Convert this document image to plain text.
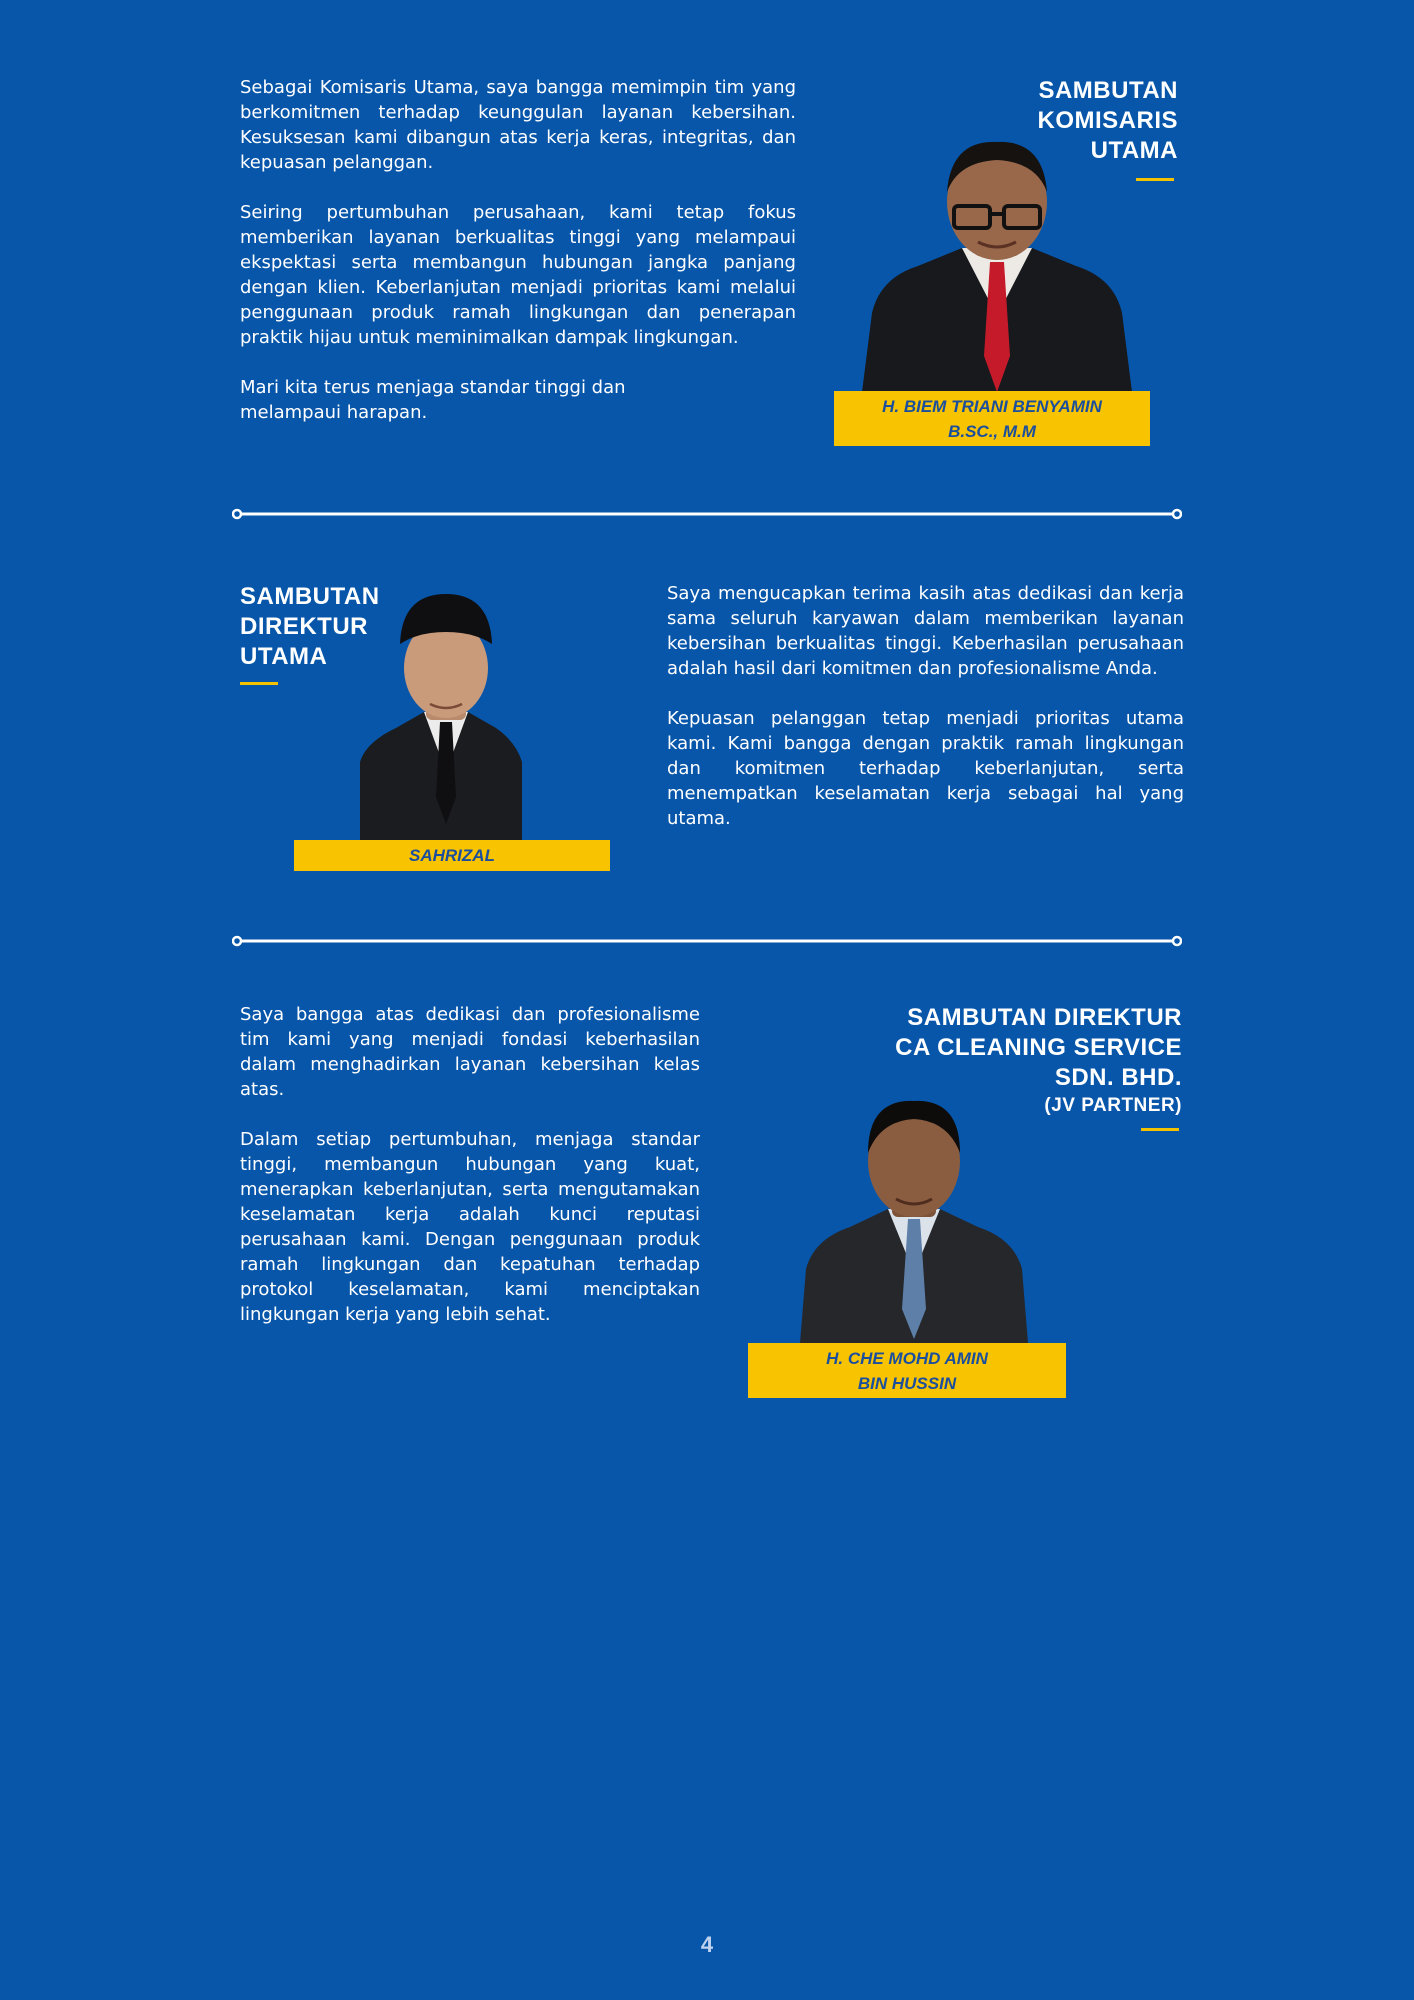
Sebagai Komisaris Utama, saya bangga memimpin tim yang berkomitmen terhadap keunggulan layanan kebersihan. Kesuksesan kami dibangun atas kerja keras, integritas, dan kepuasan pelanggan.

Seiring pertumbuhan perusahaan, kami tetap fokus memberikan layanan berkualitas tinggi yang melampaui ekspektasi serta membangun hubungan jangka panjang dengan klien. Keberlanjutan menjadi prioritas kami melalui penggunaan produk ramah lingkungan dan penerapan praktik hijau untuk meminimalkan dampak lingkungan.

Mari kita terus menjaga standar tinggi dan melampaui harapan.

SAMBUTAN
KOMISARIS
UTAMA
H. BIEM TRIANI BENYAMIN
B.SC., M.M
SAMBUTAN
DIREKTUR
UTAMA
SAHRIZAL

Saya mengucapkan terima kasih atas dedikasi dan kerja sama seluruh karyawan dalam memberikan layanan kebersihan berkualitas tinggi. Keberhasilan perusahaan adalah hasil dari komitmen dan profesionalisme Anda.

Kepuasan pelanggan tetap menjadi prioritas utama kami. Kami bangga dengan praktik ramah lingkungan dan komitmen terhadap keberlanjutan, serta menempatkan keselamatan kerja sebagai hal yang utama.

Saya bangga atas dedikasi dan profesionalisme tim kami yang menjadi fondasi keberhasilan dalam menghadirkan layanan kebersihan kelas atas.

Dalam setiap pertumbuhan, menjaga standar tinggi, membangun hubungan yang kuat, menerapkan keberlanjutan, serta mengutamakan keselamatan kerja adalah kunci reputasi perusahaan kami. Dengan penggunaan produk ramah lingkungan dan kepatuhan terhadap protokol keselamatan, kami menciptakan lingkungan kerja yang lebih sehat.

SAMBUTAN DIREKTUR
CA CLEANING SERVICE
SDN. BHD.
(JV PARTNER)
H. CHE MOHD AMIN
BIN HUSSIN
4
